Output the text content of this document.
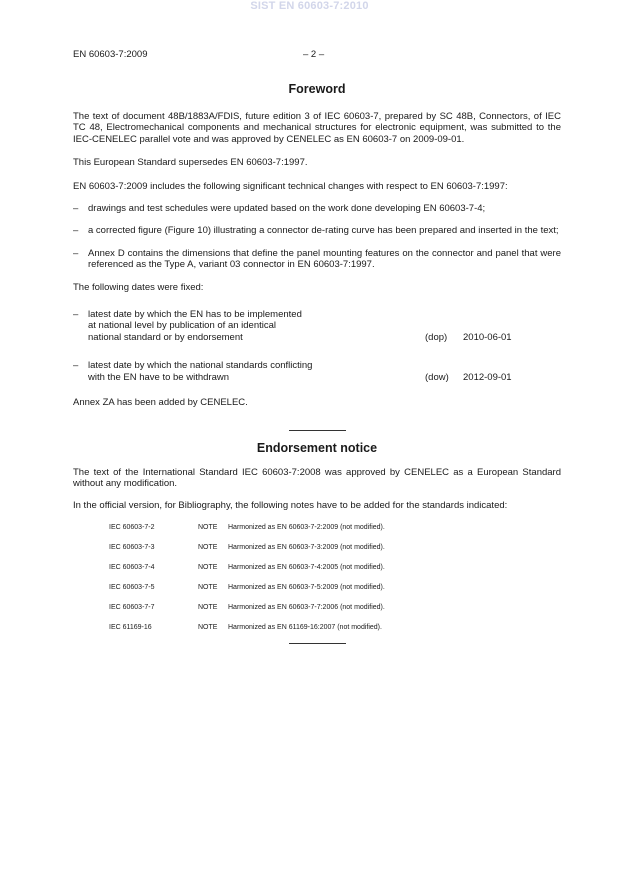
SIST EN 60603-7:2010
EN 60603-7:2009	– 2 –
Foreword

The text of document 48B/1883A/FDIS, future edition 3 of IEC 60603-7, prepared by SC 48B, Connectors, of IEC TC 48, Electromechanical components and mechanical structures for electronic equipment, was submitted to the IEC-CENELEC parallel vote and was approved by CENELEC as EN 60603-7 on 2009-09-01.

This European Standard supersedes EN 60603-7:1997.

EN 60603-7:2009 includes the following significant technical changes with respect to EN 60603-7:1997:

– drawings and test schedules were updated based on the work done developing EN 60603-7-4;

– a corrected figure (Figure 10) illustrating a connector de-rating curve has been prepared and inserted in the text;

– Annex D contains the dimensions that define the panel mounting features on the connector and panel that were referenced as the Type A, variant 03 connector in EN 60603-7:1997.

The following dates were fixed:

– latest date by which the EN has to be implemented
at national level by publication of an identical
national standard or by endorsement	(dop) 2010-06-01
– latest date by which the national standards conflicting
with the EN have to be withdrawn	(dow) 2012-09-01

Annex ZA has been added by CENELEC.

Endorsement notice

The text of the International Standard IEC 60603-7:2008 was approved by CENELEC as a European Standard without any modification.

In the official version, for Bibliography, the following notes have to be added for the standards indicated:

IEC 60603-7-2	NOTE Harmonized as EN 60603-7-2:2009 (not modified).
IEC 60603-7-3	NOTE Harmonized as EN 60603-7-3:2009 (not modified).
IEC 60603-7-4	NOTE Harmonized as EN 60603-7-4:2005 (not modified).
IEC 60603-7-5	NOTE Harmonized as EN 60603-7-5:2009 (not modified).
IEC 60603-7-7	NOTE Harmonized as EN 60603-7-7:2006 (not modified).
IEC 61169-16	NOTE Harmonized as EN 61169-16:2007 (not modified).
